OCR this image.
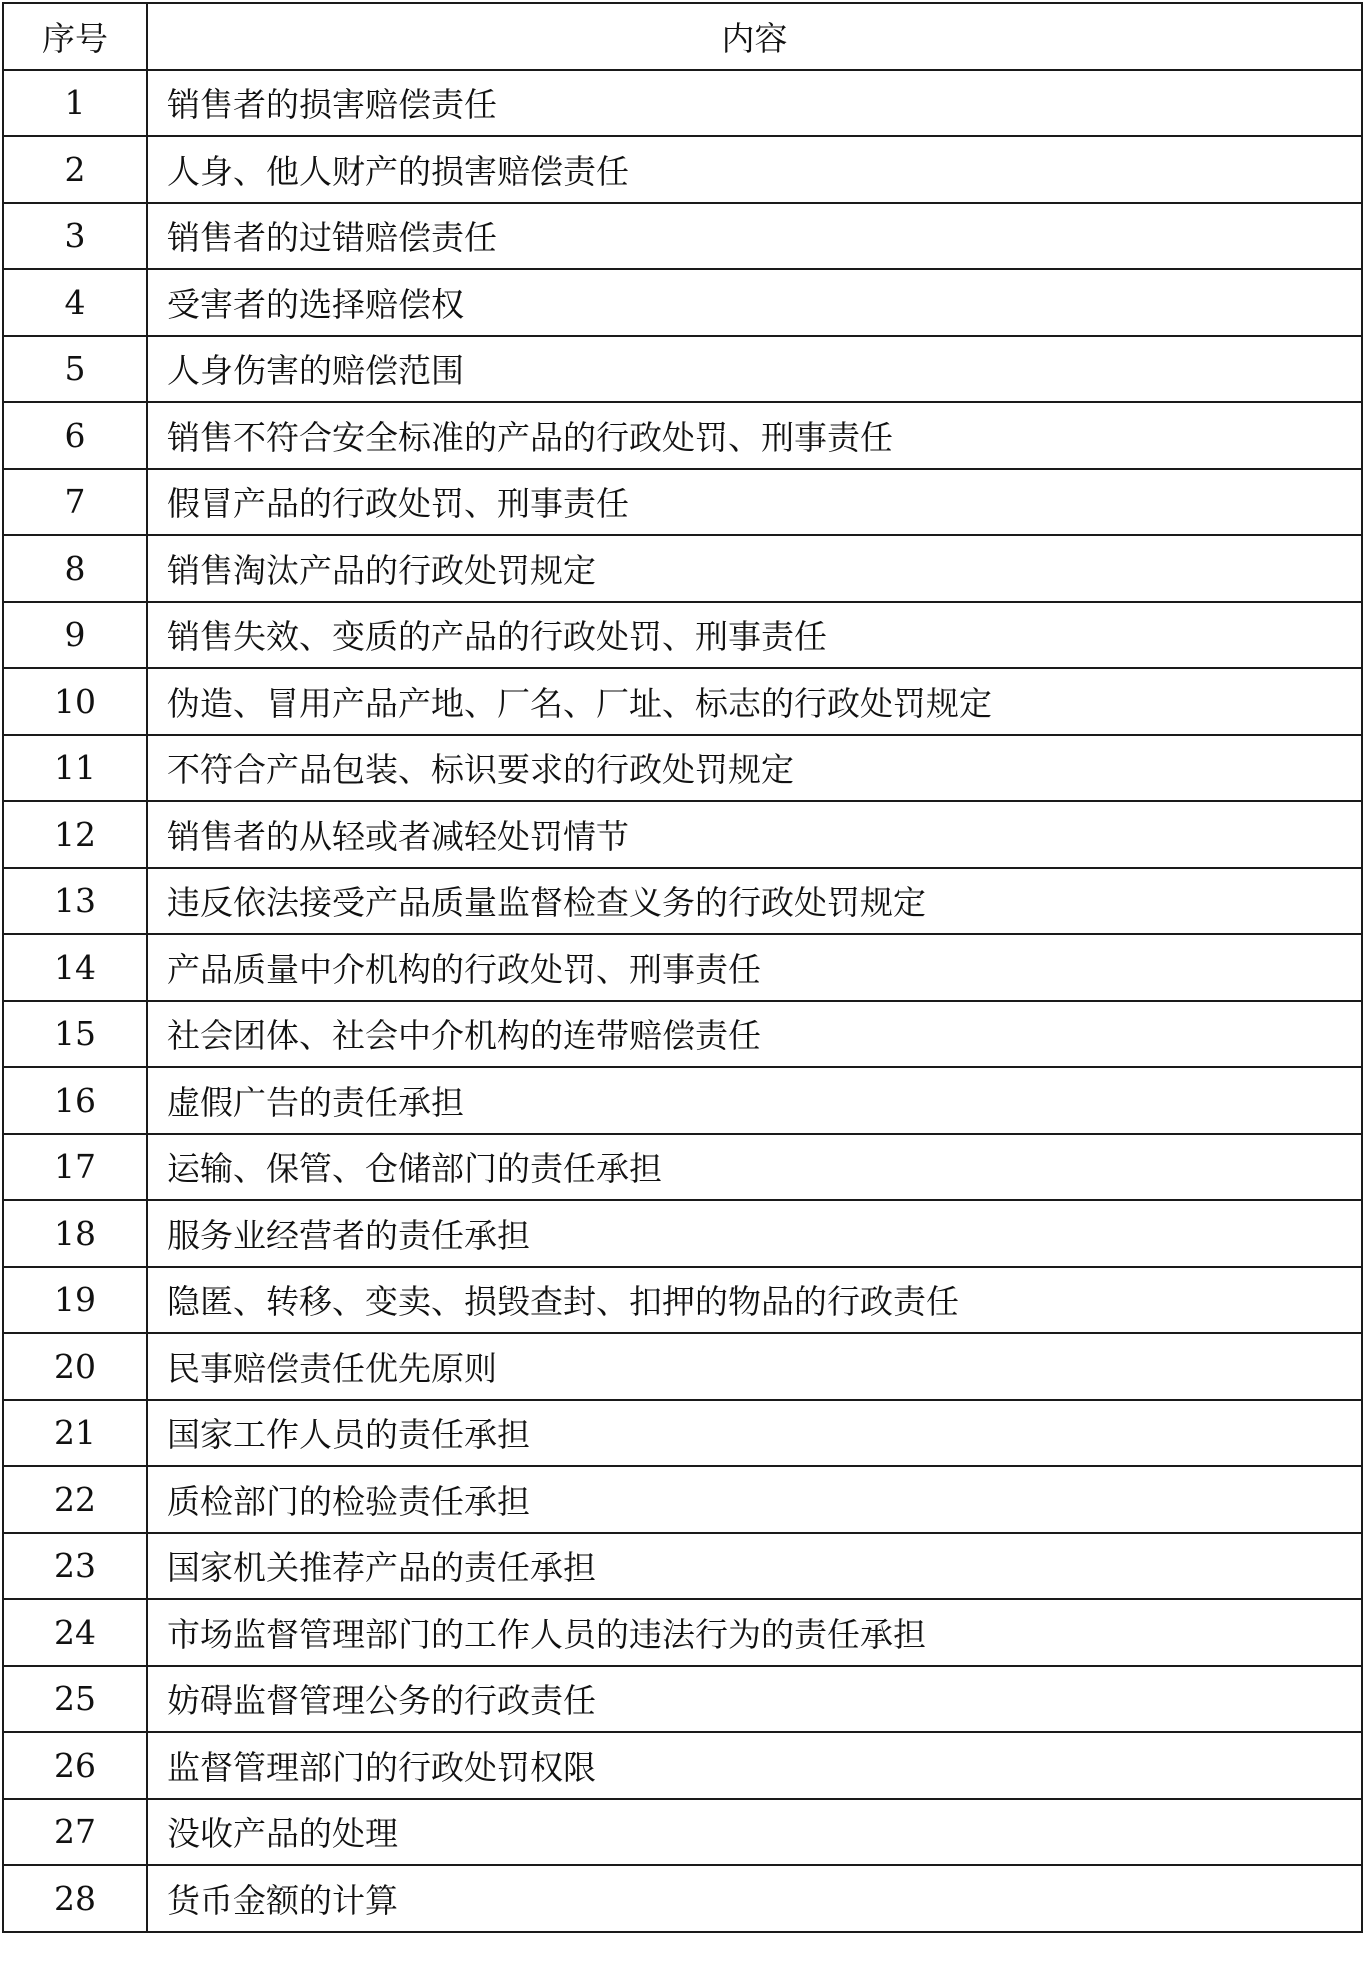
序号	内容
1	销售者的损害赔偿责任
2	人身、他人财产的损害赔偿责任
3	销售者的过错赔偿责任
4	受害者的选择赔偿权
5	人身伤害的赔偿范围
6	销售不符合安全标准的产品的行政处罚、刑事责任
7	假冒产品的行政处罚、刑事责任
8	销售淘汰产品的行政处罚规定
9	销售失效、变质的产品的行政处罚、刑事责任
10	伪造、冒用产品产地、厂名、厂址、标志的行政处罚规定
11	不符合产品包装、标识要求的行政处罚规定
12	销售者的从轻或者减轻处罚情节
13	违反依法接受产品质量监督检查义务的行政处罚规定
14	产品质量中介机构的行政处罚、刑事责任
15	社会团体、社会中介机构的连带赔偿责任
16	虚假广告的责任承担
17	运输、保管、仓储部门的责任承担
18	服务业经营者的责任承担
19	隐匿、转移、变卖、损毁查封、扣押的物品的行政责任
20	民事赔偿责任优先原则
21	国家工作人员的责任承担
22	质检部门的检验责任承担
23	国家机关推荐产品的责任承担
24	市场监督管理部门的工作人员的违法行为的责任承担
25	妨碍监督管理公务的行政责任
26	监督管理部门的行政处罚权限
27	没收产品的处理
28	货币金额的计算
